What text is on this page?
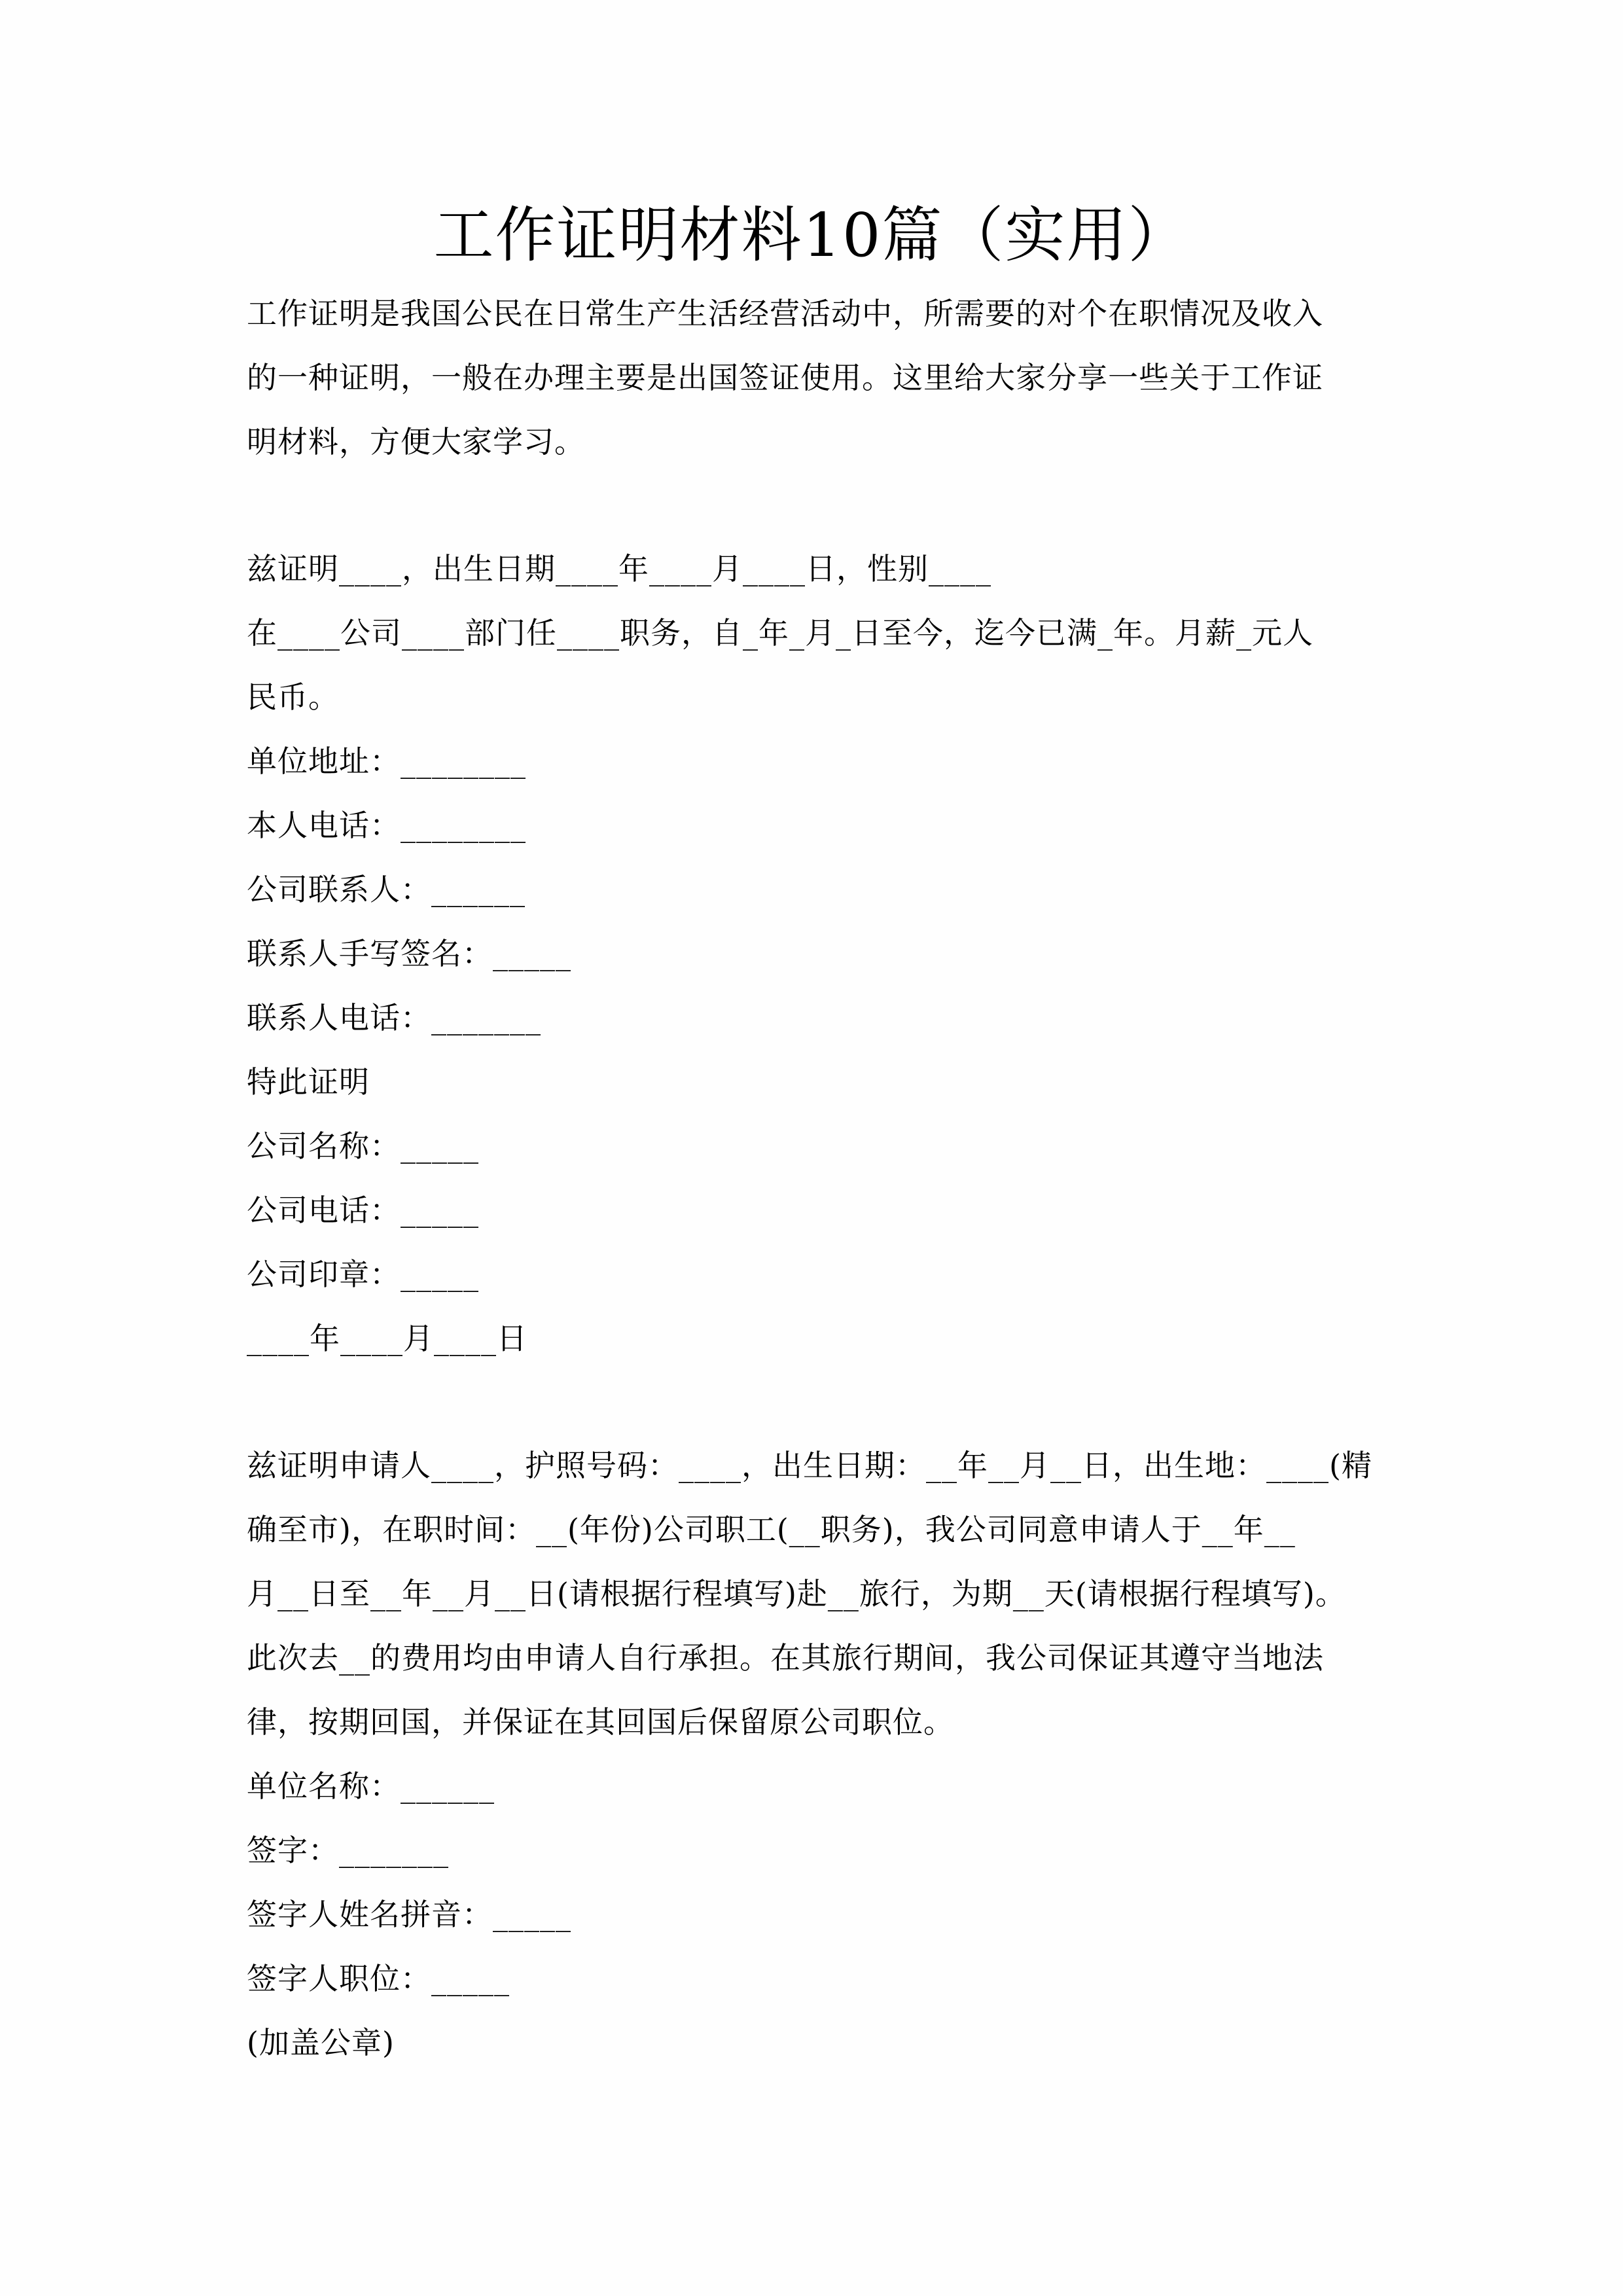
工作证明材料10篇（实用）
工作证明是我国公民在日常生产生活经营活动中，所需要的对个在职情况及收入
的一种证明，一般在办理主要是出国签证使用。这里给大家分享一些关于工作证
明材料，方便大家学习。
兹证明____，出生日期____年____月____日，性别____
在____公司____部门任____职务，自_年_月_日至今，迄今已满_年。月薪_元人
民币。
单位地址：________
本人电话：________
公司联系人：______
联系人手写签名：_____
联系人电话：_______
特此证明
公司名称：_____
公司电话：_____
公司印章：_____
____年____月____日
兹证明申请人____，护照号码：____，出生日期：__年__月__日，出生地：____(精
确至市)，在职时间：__(年份)公司职工(__职务)，我公司同意申请人于__年__
月__日至__年__月__日(请根据行程填写)赴__旅行，为期__天(请根据行程填写)。
此次去__的费用均由申请人自行承担。在其旅行期间，我公司保证其遵守当地法
律，按期回国，并保证在其回国后保留原公司职位。
单位名称：______
签字：_______
签字人姓名拼音：_____
签字人职位：_____
(加盖公章)
